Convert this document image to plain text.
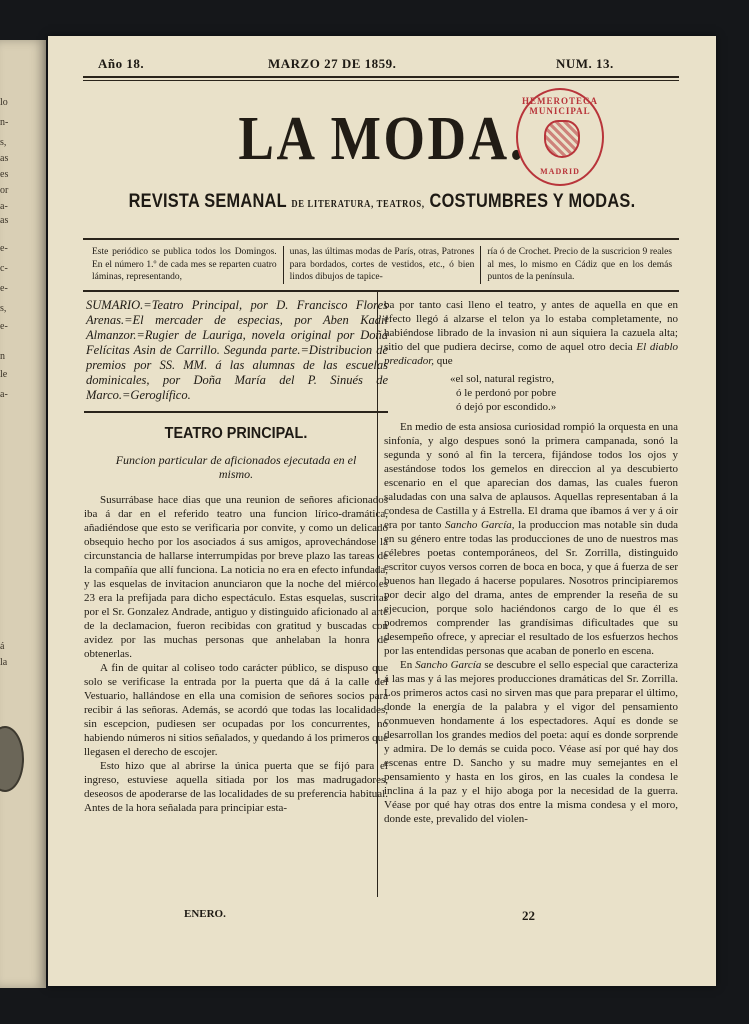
lo
n-
s,
as
es
or
a-
as
e-
c-
e-
s,
e-
n
le
a-
á
la
Año 18.	MARZO 27 DE 1859.	NUM. 13.
LA MODA.
HEMEROTECA MUNICIPAL
MADRID
REVISTA SEMANAL DE LITERATURA, TEATROS, COSTUMBRES Y MODAS.
Este periódico se publica todos los Domingos. En el número 1.º de cada mes se reparten cuatro láminas, representando,
unas, las últimas modas de París, otras, Patrones para bordados, cortes de vestidos, etc., ó bien lindos dibujos de tapice-
ría ó de Crochet. Precio de la suscricion 9 reales al mes, lo mismo en Cádiz que en los demás puntos de la península.
SUMARIO.=Teatro Principal, por D. Francisco Flores Arenas.=El mercader de especias, por Aben Kadil Almanzor.=Rugier de Lauriga, novela original por Doña Felícitas Asin de Carrillo. Segunda parte.=Distribucion de premios por SS. MM. á las alumnas de las escuelas dominicales, por Doña María del P. Sinués de Marco.=Geroglífico.
TEATRO PRINCIPAL.
Funcion particular de aficionados ejecutada en el mismo.

Susurrábase hace dias que una reunion de señores aficionados iba á dar en el referido teatro una funcion lírico-dramática, añadiéndose que esto se verificaria por convite, y como un delicado obsequio hecho por los asociados á sus amigos, aprovechándose la circunstancia de hallarse interrumpidas por breve plazo las tareas de la compañía que allí funciona. La noticia no era en efecto infundada, y las esquelas de invitacion anunciaron que la noche del miércoles 23 era la prefijada para dicho espectáculo. Estas esquelas, suscritas por el Sr. Gonzalez Andrade, antiguo y distinguido aficionado al arte de la declamacion, fueron recibidas con gratitud y buscadas con avidez por las muchas personas que anhelaban la honra de obtenerlas.

A fin de quitar al coliseo todo carácter público, se dispuso que solo se verificase la entrada por la puerta que dá á la calle del Vestuario, hallándose en ella una comision de señores socios para recibir á las señoras. Además, se acordó que todas las localidades, sin escepcion, pudiesen ser ocupadas por los concurrentes, no habiendo números ni sitios señalados, y quedando á los primeros que llegasen el derecho de escojer.

Esto hizo que al abrirse la única puerta que se fijó para el ingreso, estuviese aquella sitiada por los mas madrugadores, deseosos de apoderarse de las localidades de su preferencia habitual. Antes de la hora señalada para principiar esta-

ba por tanto casi lleno el teatro, y antes de aquella en que en efecto llegó á alzarse el telon ya lo estaba completamente, no habiéndose librado de la invasion ni aun siquiera la cazuela alta; sitio del que pudiera decirse, como de aquel otro decia El diablo predicador, que

«el sol, natural registro,
ó le perdonó por pobre
ó dejó por escondido.»

En medio de esta ansiosa curiosidad rompió la orquesta en una sinfonía, y algo despues sonó la primera campanada, sonó la segunda y sonó al fin la tercera, fijándose todos los ojos y asestándose todos los gemelos en direccion al ya descubierto escenario en el que aparecian dos damas, las cuales fueron saludadas con una salva de aplausos. Aquellas representaban á la condesa de Castilla y á Estrella. El drama que íbamos á ver y á oir era por tanto Sancho García, la produccion mas notable sin duda en su género entre todas las producciones de uno de nuestros mas célebres poetas contemporáneos, del Sr. Zorrilla, distinguido escritor cuyos versos corren de boca en boca, y que á fuerza de ser buenos han llegado á hacerse populares. Nosotros principiaremos por decir algo del drama, antes de emprender la reseña de su ejecucion, porque solo haciéndonos cargo de lo que él es podremos comprender las grandísimas dificultades que su desempeño ofrece, y apreciar el resultado de los esfuerzos hechos por las entendidas personas que acaban de ponerlo en escena.

En Sancho García se descubre el sello especial que caracteriza á las mas y á las mejores producciones dramáticas del Sr. Zorrilla. Los primeros actos casi no sirven mas que para preparar el último, donde la energía de la palabra y el vigor del pensamiento conmueven hondamente á los espectadores. Aquí es donde se desarrollan los grandes medios del poeta: aquí es donde sorprende y admira. De lo demás se cuida poco. Véase así por qué hay dos escenas entre D. Sancho y su madre muy semejantes en el pensamiento y hasta en los giros, en las cuales la condesa le inclina á la paz y el hijo aboga por la necesidad de la guerra. Véase por qué hay otras dos entre la misma condesa y el moro, donde este, prevalido del violen-

ENERO.	22
